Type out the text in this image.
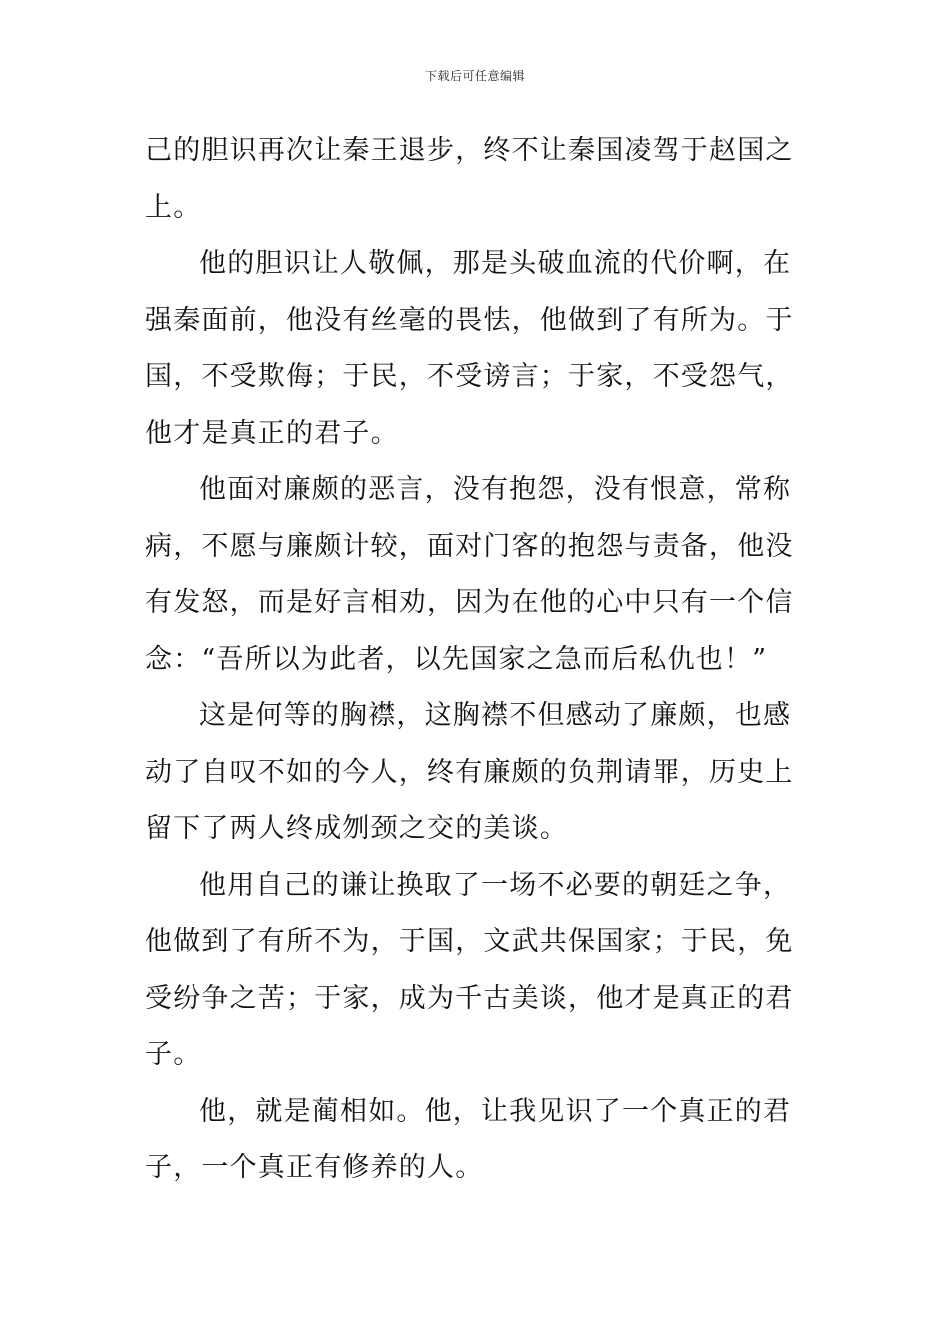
下载后可任意编辑

己的胆识再次让秦王退步，终不让秦国凌驾于赵国之上。

他的胆识让人敬佩，那是头破血流的代价啊，在强秦面前，他没有丝毫的畏怯，他做到了有所为。于国，不受欺侮；于民，不受谤言；于家，不受怨气，他才是真正的君子。

他面对廉颇的恶言，没有抱怨，没有恨意，常称病，不愿与廉颇计较，面对门客的抱怨与责备，他没有发怒，而是好言相劝，因为在他的心中只有一个信念：“吾所以为此者，以先国家之急而后私仇也！”

这是何等的胸襟，这胸襟不但感动了廉颇，也感动了自叹不如的今人，终有廉颇的负荆请罪，历史上留下了两人终成刎颈之交的美谈。

他用自己的谦让换取了一场不必要的朝廷之争，他做到了有所不为，于国，文武共保国家；于民，免受纷争之苦；于家，成为千古美谈，他才是真正的君子。

他，就是蔺相如。他，让我见识了一个真正的君子，一个真正有修养的人。
